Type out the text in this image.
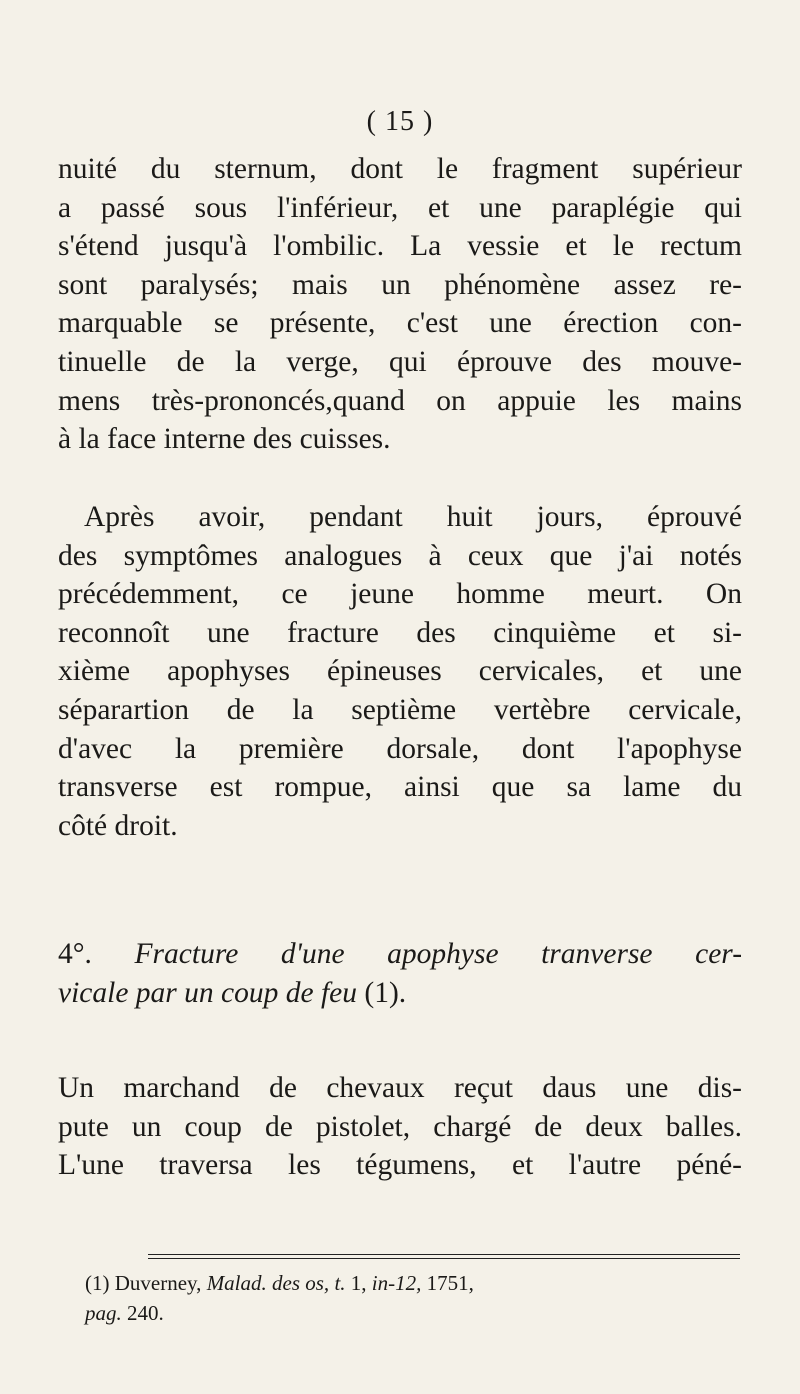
( 15 )
nuité du sternum, dont le fragment supérieur
a passé sous l'inférieur, et une paraplégie qui
s'étend jusqu'à l'ombilic. La vessie et le rectum
sont paralysés; mais un phénomène assez re-
marquable se présente, c'est une érection con-
tinuelle de la verge, qui éprouve des mouve-
mens très-prononcés,quand on appuie les mains
à la face interne des cuisses.
Après avoir, pendant huit jours, éprouvé
des symptômes analogues à ceux que j'ai notés
précédemment, ce jeune homme meurt. On
reconnoît une fracture des cinquième et si-
xième apophyses épineuses cervicales, et une
séparartion de la septième vertèbre cervicale,
d'avec la première dorsale, dont l'apophyse
transverse est rompue, ainsi que sa lame du
côté droit.
4°. Fracture d'une apophyse tranverse cer-
vicale par un coup de feu (1).
Un marchand de chevaux reçut daus une dis-
pute un coup de pistolet, chargé de deux balles.
L'une traversa les tégumens, et l'autre péné-
(1) Duverney, Malad. des os, t. 1, in-12, 1751,
pag. 240.
